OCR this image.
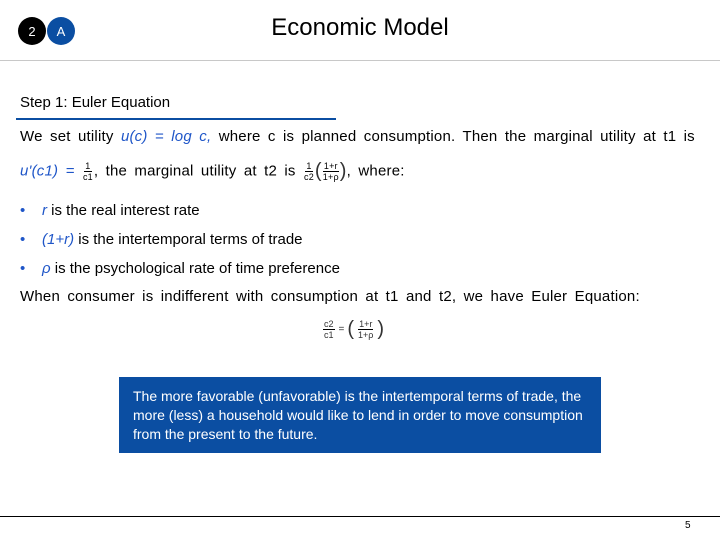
2	A	Economic Model
Step 1: Euler Equation
We set utility u(c) = log c, where c is planned consumption. Then the marginal utility at t1 is
$u'(c1) = \frac{1}{c1}$ , the marginal utility at t2 is $\frac{1}{c2}$ ( $\frac{1+r}{1+\rho}$ ), where:
• r is the real interest rate
• (1+r) is the intertemporal terms of trade
• ρ is the psychological rate of time preference
When consumer is indifferent with consumption at t1 and t2, we have Euler Equation:
$\frac{c2}{c1}$ = ( $\frac{1+r}{1+\rho}$ )
The more favorable (unfavorable) is the intertemporal terms of trade, the more (less) a household would like to lend in order to move consumption from the present to the future.
5
